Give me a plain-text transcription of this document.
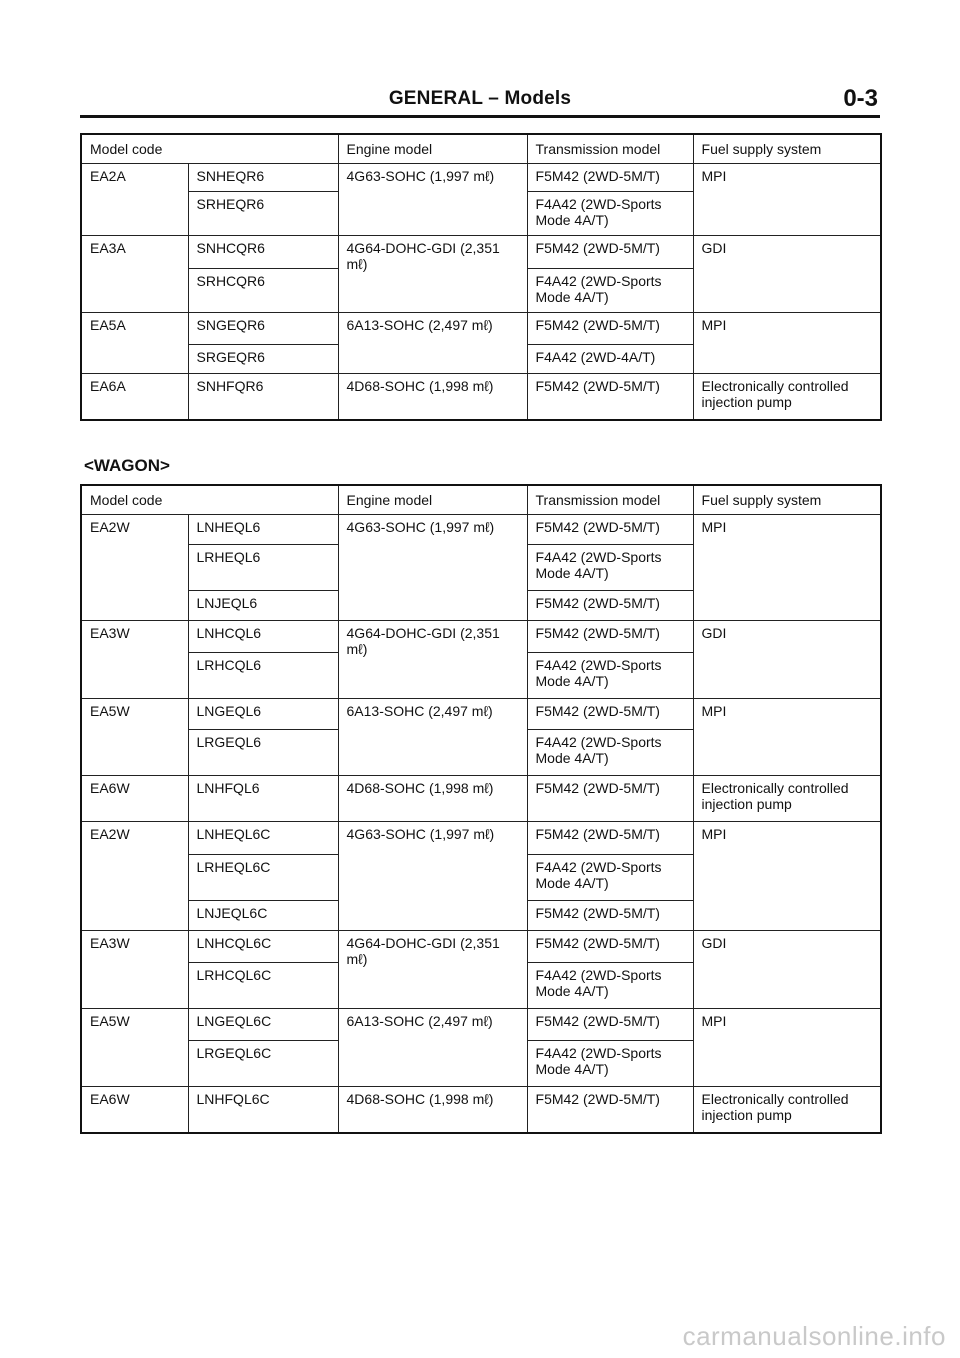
GENERAL – Models	0-3
Model code		Engine model	Transmission model	Fuel supply system
EA2A	SNHEQR6	4G63-SOHC (1,997 mℓ)	F5M42 (2WD-5M/T)	MPI
	SRHEQR6		F4A42 (2WD-Sports Mode 4A/T)	
EA3A	SNHCQR6	4G64-DOHC-GDI (2,351 mℓ)	F5M42 (2WD-5M/T)	GDI
	SRHCQR6		F4A42 (2WD-Sports Mode 4A/T)	
EA5A	SNGEQR6	6A13-SOHC (2,497 mℓ)	F5M42 (2WD-5M/T)	MPI
	SRGEQR6		F4A42 (2WD-4A/T)	
EA6A	SNHFQR6	4D68-SOHC (1,998 mℓ)	F5M42 (2WD-5M/T)	Electronically controlled injection pump
<WAGON>
Model code		Engine model	Transmission model	Fuel supply system
EA2W	LNHEQL6	4G63-SOHC (1,997 mℓ)	F5M42 (2WD-5M/T)	MPI
	LRHEQL6		F4A42 (2WD-Sports Mode 4A/T)	
	LNJEQL6		F5M42 (2WD-5M/T)	
EA3W	LNHCQL6	4G64-DOHC-GDI (2,351 mℓ)	F5M42 (2WD-5M/T)	GDI
	LRHCQL6		F4A42 (2WD-Sports Mode 4A/T)	
EA5W	LNGEQL6	6A13-SOHC (2,497 mℓ)	F5M42 (2WD-5M/T)	MPI
	LRGEQL6		F4A42 (2WD-Sports Mode 4A/T)	
EA6W	LNHFQL6	4D68-SOHC (1,998 mℓ)	F5M42 (2WD-5M/T)	Electronically controlled injection pump
EA2W	LNHEQL6C	4G63-SOHC (1,997 mℓ)	F5M42 (2WD-5M/T)	MPI
	LRHEQL6C		F4A42 (2WD-Sports Mode 4A/T)	
	LNJEQL6C		F5M42 (2WD-5M/T)	
EA3W	LNHCQL6C	4G64-DOHC-GDI (2,351 mℓ)	F5M42 (2WD-5M/T)	GDI
	LRHCQL6C		F4A42 (2WD-Sports Mode 4A/T)	
EA5W	LNGEQL6C	6A13-SOHC (2,497 mℓ)	F5M42 (2WD-5M/T)	MPI
	LRGEQL6C		F4A42 (2WD-Sports Mode 4A/T)	
EA6W	LNHFQL6C	4D68-SOHC (1,998 mℓ)	F5M42 (2WD-5M/T)	Electronically controlled injection pump
carmanualsonline.info
